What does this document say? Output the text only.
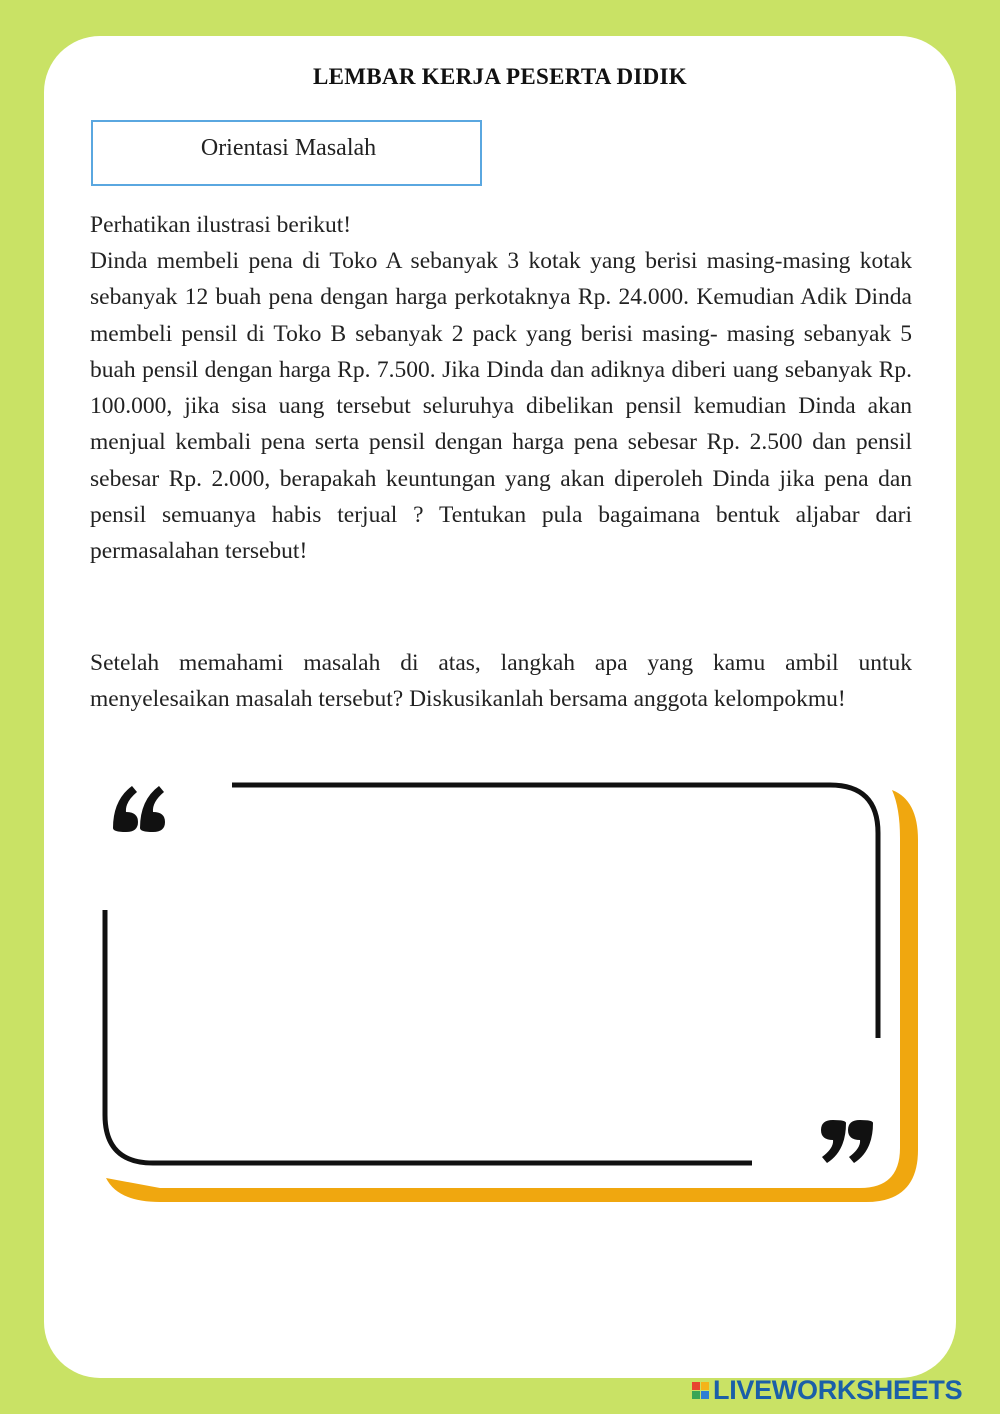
LEMBAR KERJA PESERTA DIDIK
Orientasi Masalah
Perhatikan ilustrasi berikut!
Dinda membeli pena di Toko A sebanyak 3 kotak yang berisi masing-masing kotak sebanyak 12 buah pena dengan harga perkotaknya Rp. 24.000. Kemudian Adik Dinda membeli pensil di Toko B sebanyak 2 pack yang berisi masing- masing sebanyak 5 buah pensil dengan harga Rp. 7.500. Jika Dinda dan adiknya diberi uang sebanyak Rp. 100.000, jika sisa uang tersebut seluruhya dibelikan pensil kemudian Dinda akan menjual kembali pena serta pensil dengan harga pena sebesar Rp. 2.500 dan pensil sebesar Rp. 2.000, berapakah keuntungan yang akan diperoleh Dinda jika pena dan pensil semuanya habis terjual ? Tentukan pula bagaimana bentuk aljabar dari permasalahan tersebut!
Setelah memahami masalah di atas, langkah apa yang kamu ambil untuk menyelesaikan masalah tersebut? Diskusikanlah bersama anggota kelompokmu!
LIVEWORKSHEETS
